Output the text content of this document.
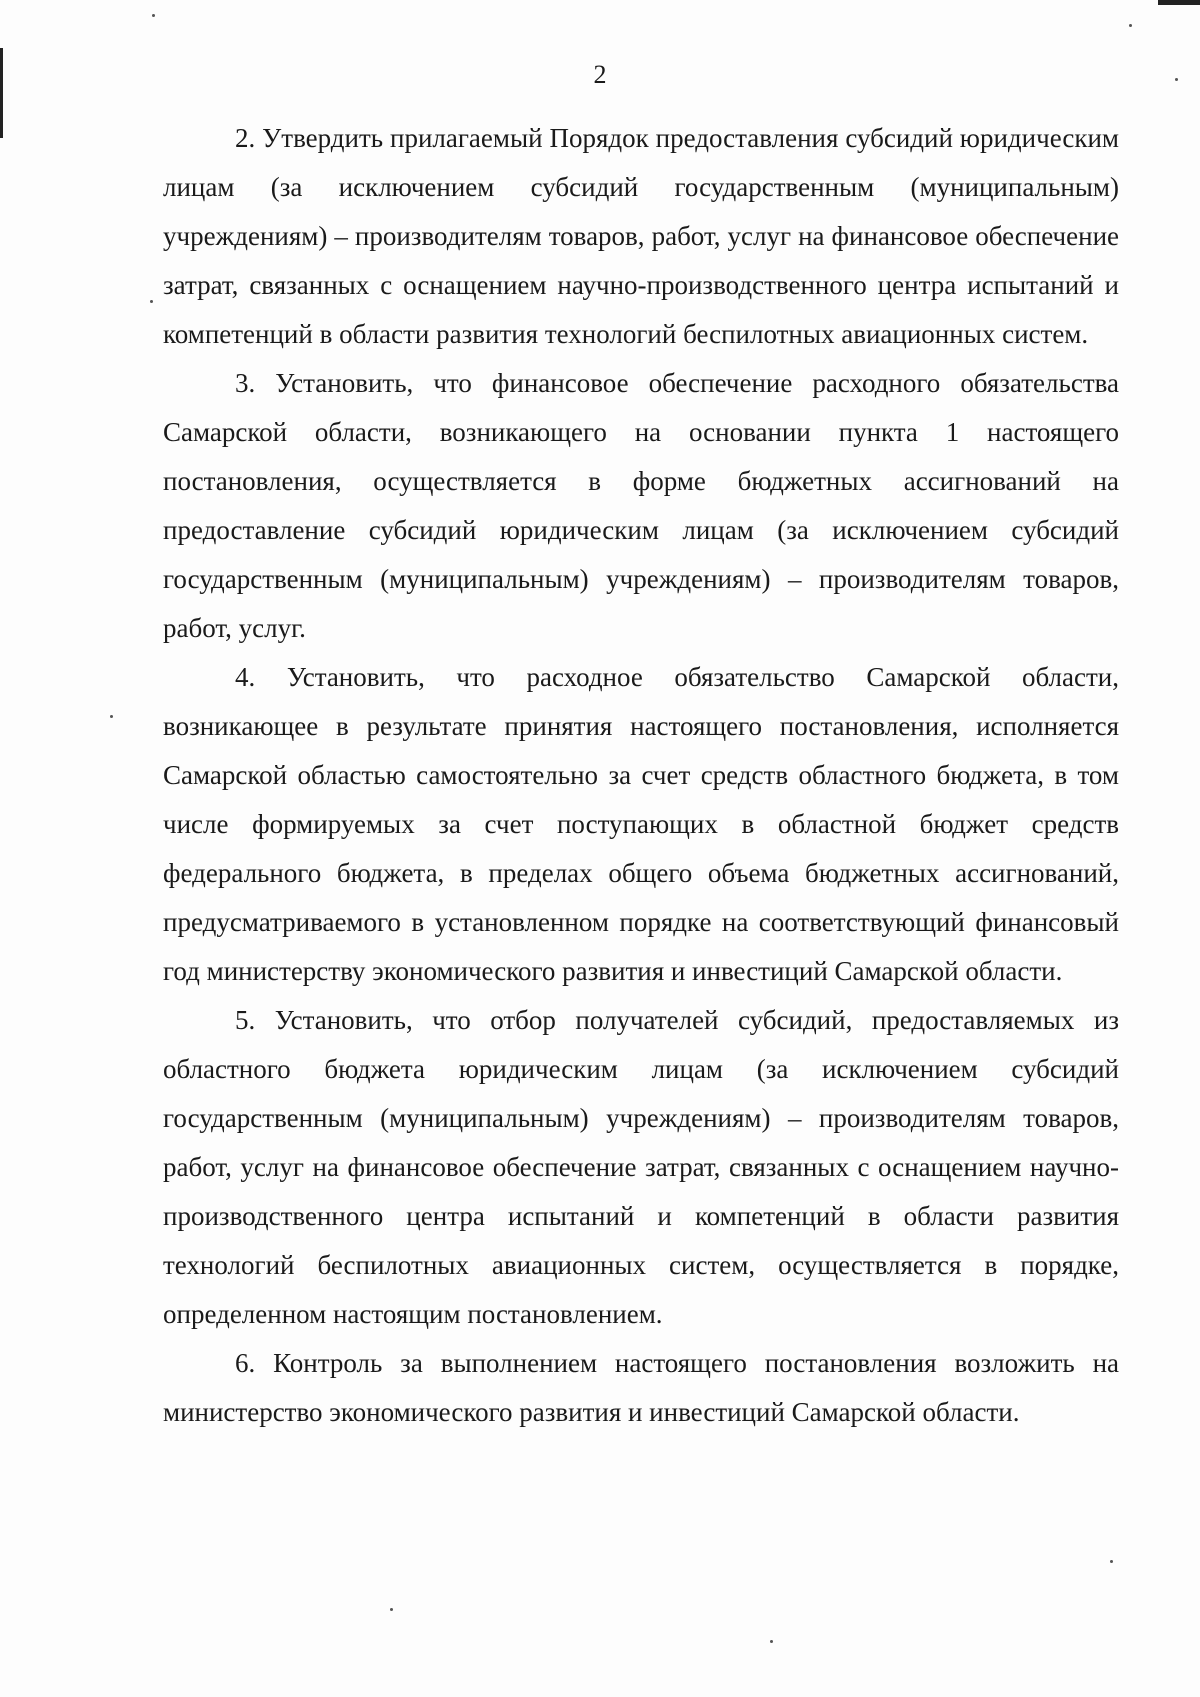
2

2. Утвердить прилагаемый Порядок предоставления субсидий юридическим лицам (за исключением субсидий государственным (муниципальным) учреждениям) – производителям товаров, работ, услуг на финансовое обеспечение затрат, связанных с оснащением научно-производственного центра испытаний и компетенций в области развития технологий беспилотных авиационных систем.

3. Установить, что финансовое обеспечение расходного обязательства Самарской области, возникающего на основании пункта 1 настоящего постановления, осуществляется в форме бюджетных ассигнований на предоставление субсидий юридическим лицам (за исключением субсидий государственным (муниципальным) учреждениям) – производителям товаров, работ, услуг.

4. Установить, что расходное обязательство Самарской области, возникающее в результате принятия настоящего постановления, исполняется Самарской областью самостоятельно за счет средств областного бюджета, в том числе формируемых за счет поступающих в областной бюджет средств федерального бюджета, в пределах общего объема бюджетных ассигнований, предусматриваемого в установленном порядке на соответствующий финансовый год министерству экономического развития и инвестиций Самарской области.

5. Установить, что отбор получателей субсидий, предоставляемых из областного бюджета юридическим лицам (за исключением субсидий государственным (муниципальным) учреждениям) – производителям товаров, работ, услуг на финансовое обеспечение затрат, связанных с оснащением научно-производственного центра испытаний и компетенций в области развития технологий беспилотных авиационных систем, осуществляется в порядке, определенном настоящим постановлением.

6. Контроль за выполнением настоящего постановления возложить на министерство экономического развития и инвестиций Самарской области.
